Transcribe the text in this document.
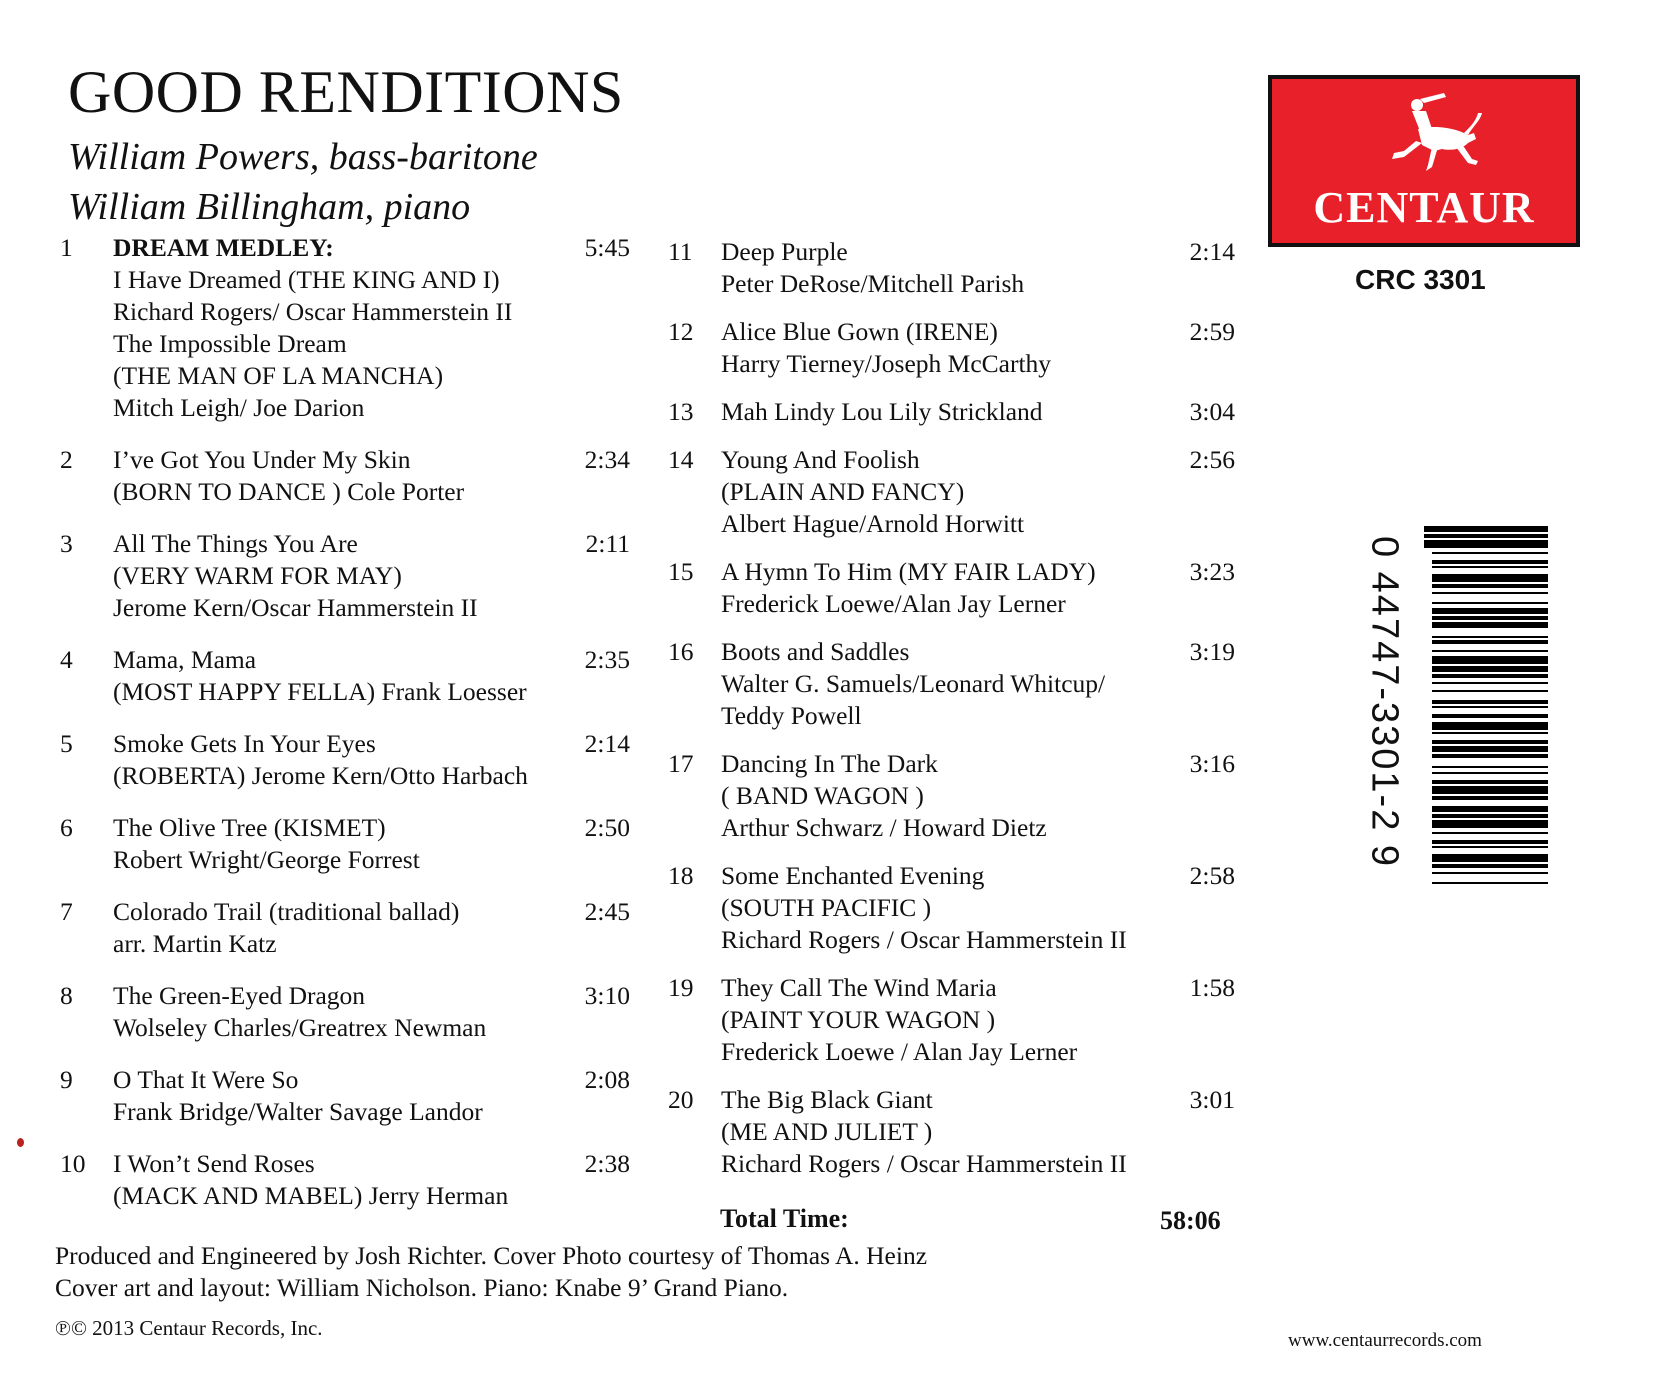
GOOD RENDITIONS
William Powers, bass-baritone
William Billingham, piano
1 DREAM MEDLEY:
I Have Dreamed (THE KING AND I)
Richard Rogers/ Oscar Hammerstein II
The Impossible Dream
(THE MAN OF LA MANCHA)
Mitch Leigh/ Joe Darion
5:45
2 I’ve Got You Under My Skin
(BORN TO DANCE ) Cole Porter
2:34
3 All The Things You Are
(VERY WARM FOR MAY)
Jerome Kern/Oscar Hammerstein II
2:11
4 Mama, Mama
(MOST HAPPY FELLA) Frank Loesser
2:35
5 Smoke Gets In Your Eyes
(ROBERTA) Jerome Kern/Otto Harbach
2:14
6 The Olive Tree (KISMET)
Robert Wright/George Forrest
2:50
7 Colorado Trail (traditional ballad)
arr. Martin Katz
2:45
8 The Green-Eyed Dragon
Wolseley Charles/Greatrex Newman
3:10
9 O That It Were So
Frank Bridge/Walter Savage Landor
2:08
10 I Won’t Send Roses
(MACK AND MABEL) Jerry Herman
2:38
11 Deep Purple
Peter DeRose/Mitchell Parish
2:14
12 Alice Blue Gown (IRENE)
Harry Tierney/Joseph McCarthy
2:59
13 Mah Lindy Lou Lily Strickland	3:04
14 Young And Foolish
(PLAIN AND FANCY)
Albert Hague/Arnold Horwitt
2:56
15 A Hymn To Him (MY FAIR LADY)
Frederick Loewe/Alan Jay Lerner
3:23
16 Boots and Saddles
Walter G. Samuels/Leonard Whitcup/
Teddy Powell
3:19
17 Dancing In The Dark
( BAND WAGON )
Arthur Schwarz / Howard Dietz
3:16
18 Some Enchanted Evening
(SOUTH PACIFIC )
Richard Rogers / Oscar Hammerstein II
2:58
19 They Call The Wind Maria
(PAINT YOUR WAGON )
Frederick Loewe / Alan Jay Lerner
1:58
20 The Big Black Giant
(ME AND JULIET )
Richard Rogers / Oscar Hammerstein II
3:01
Total Time:	58:06
Produced and Engineered by Josh Richter. Cover Photo courtesy of Thomas A. Heinz
Cover art and layout: William Nicholson. Piano: Knabe 9’ Grand Piano.
℗© 2013 Centaur Records, Inc.
www.centaurrecords.com
CENTAUR
CRC 3301
0 44747-3301-2 9
